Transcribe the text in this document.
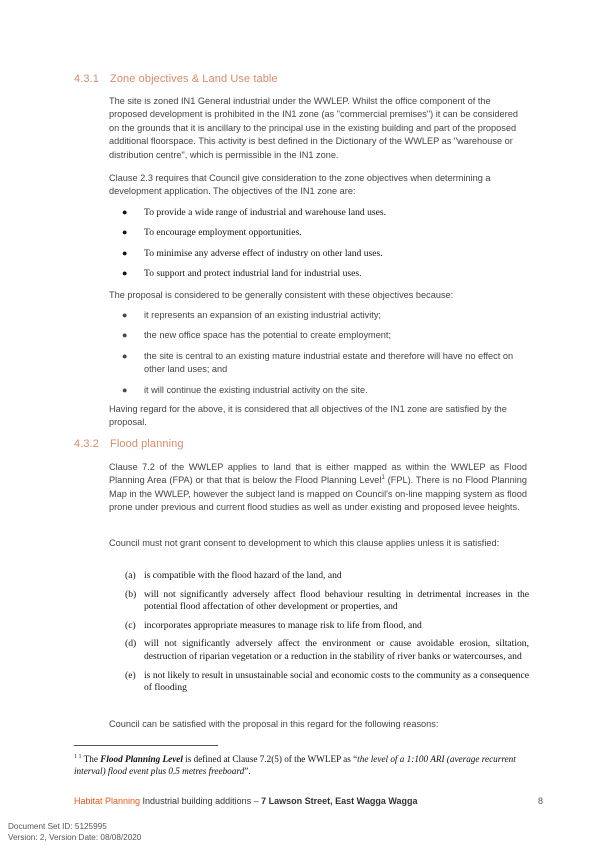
4.3.1 Zone objectives & Land Use table

The site is zoned IN1 General industrial under the WWLEP. Whilst the office component of the proposed development is prohibited in the IN1 zone (as "commercial premises") it can be considered on the grounds that it is ancillary to the principal use in the existing building and part of the proposed additional floorspace. This activity is best defined in the Dictionary of the WWLEP as "warehouse or distribution centre", which is permissible in the IN1 zone.

Clause 2.3 requires that Council give consideration to the zone objectives when determining a development application. The objectives of the IN1 zone are:

● To provide a wide range of industrial and warehouse land uses.
● To encourage employment opportunities.
● To minimise any adverse effect of industry on other land uses.
● To support and protect industrial land for industrial uses.

The proposal is considered to be generally consistent with these objectives because:

● it represents an expansion of an existing industrial activity;
● the new office space has the potential to create employment;
● the site is central to an existing mature industrial estate and therefore will have no effect on other land uses; and
● it will continue the existing industrial activity on the site.

Having regard for the above, it is considered that all objectives of the IN1 zone are satisfied by the proposal.

4.3.2 Flood planning

Clause 7.2 of the WWLEP applies to land that is either mapped as within the WWLEP as Flood Planning Area (FPA) or that that is below the Flood Planning Level$^1$ (FPL). There is no Flood Planning Map in the WWLEP, however the subject land is mapped on Council's on-line mapping system as flood prone under previous and current flood studies as well as under existing and proposed levee heights.

Council must not grant consent to development to which this clause applies unless it is satisfied:

(a) is compatible with the flood hazard of the land, and
(b) will not significantly adversely affect flood behaviour resulting in detrimental increases in the potential flood affectation of other development or properties, and
(c) incorporates appropriate measures to manage risk to life from flood, and
(d) will not significantly adversely affect the environment or cause avoidable erosion, siltation, destruction of riparian vegetation or a reduction in the stability of river banks or watercourses, and
(e) is not likely to result in unsustainable social and economic costs to the community as a consequence of flooding

Council can be satisfied with the proposal in this regard for the following reasons:

$^{1 1}$ The Flood Planning Level is defined at Clause 7.2(5) of the WWLEP as “the level of a 1:100 ARI (average recurrent interval) flood event plus 0.5 metres freeboard”.
Habitat Planning Industrial building additions – 7 Lawson Street, East Wagga Wagga	8
Document Set ID: 5125995
Version: 2, Version Date: 08/08/2020
